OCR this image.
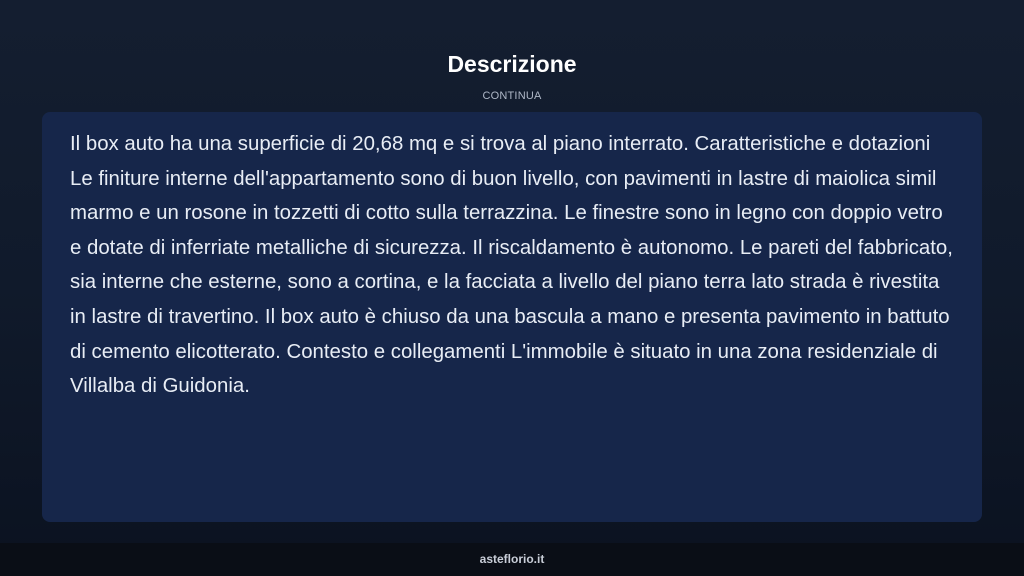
Descrizione
CONTINUA

Il box auto ha una superficie di 20,68 mq e si trova al piano interrato. Caratteristiche e dotazioni Le finiture interne dell'appartamento sono di buon livello, con pavimenti in lastre di maiolica simil marmo e un rosone in tozzetti di cotto sulla terrazzina. Le finestre sono in legno con doppio vetro e dotate di inferriate metalliche di sicurezza. Il riscaldamento è autonomo. Le pareti del fabbricato, sia interne che esterne, sono a cortina, e la facciata a livello del piano terra lato strada è rivestita in lastre di travertino. Il box auto è chiuso da una bascula a mano e presenta pavimento in battuto di cemento elicotterato. Contesto e collegamenti L'immobile è situato in una zona residenziale di Villalba di Guidonia.

asteflorio.it
